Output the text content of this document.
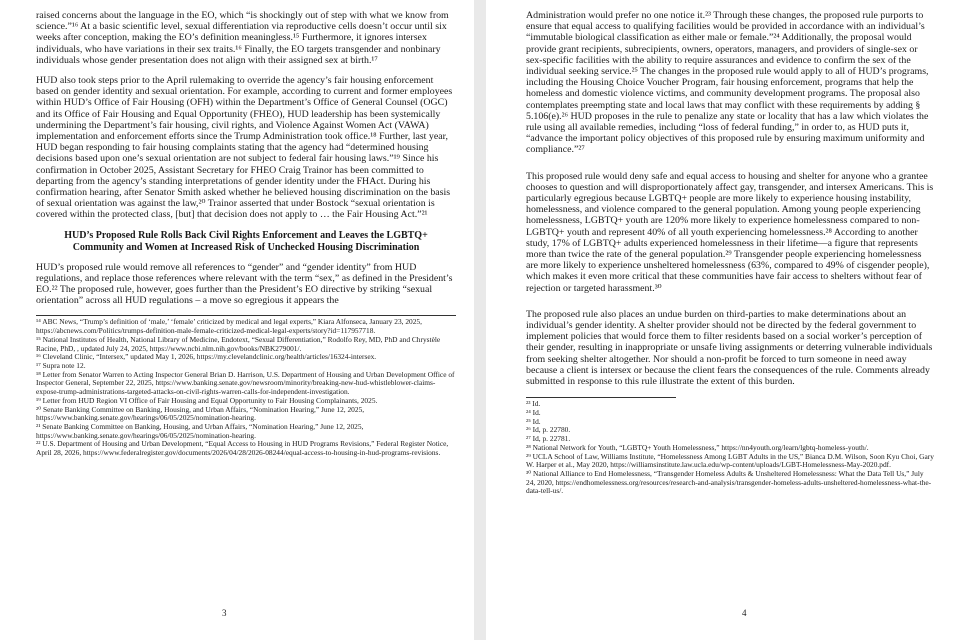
raised concerns about the language in the EO, which “is shockingly out of step with what we know from science.”¹⁶ At a basic scientific level, sexual differentiation via reproductive cells doesn’t occur until six weeks after conception, making the EO’s definition meaningless.¹⁵ Furthermore, it ignores intersex individuals, who have variations in their sex traits.¹⁶ Finally, the EO targets transgender and nonbinary individuals whose gender presentation does not align with their assigned sex at birth.¹⁷

HUD also took steps prior to the April rulemaking to override the agency’s fair housing enforcement based on gender identity and sexual orientation. For example, according to current and former employees within HUD’s Office of Fair Housing (OFH) within the Department’s Office of General Counsel (OGC) and its Office of Fair Housing and Equal Opportunity (FHEO), HUD leadership has been systemically undermining the Department’s fair housing, civil rights, and Violence Against Women Act (VAWA) implementation and enforcement efforts since the Trump Administration took office.¹⁸ Further, last year, HUD began responding to fair housing complaints stating that the agency had “determined housing decisions based upon one’s sexual orientation are not subject to federal fair housing laws.”¹⁹ Since his confirmation in October 2025, Assistant Secretary for FHEO Craig Trainor has been committed to departing from the agency’s standing interpretations of gender identity under the FHAct. During his confirmation hearing, after Senator Smith asked whether he believed housing discrimination on the basis of sexual orientation was against the law,²⁰ Trainor asserted that under Bostock “sexual orientation is covered within the protected class, [but] that decision does not apply to … the Fair Housing Act.”²¹

HUD’s Proposed Rule Rolls Back Civil Rights Enforcement and Leaves the LGBTQ+ Community and Women at Increased Risk of Unchecked Housing Discrimination

HUD’s proposed rule would remove all references to “gender” and “gender identity” from HUD regulations, and replace those references where relevant with the term “sex,” as defined in the President’s EO.²² The proposed rule, however, goes further than the President’s EO directive by striking “sexual orientation” across all HUD regulations – a move so egregious it appears the

¹⁴ ABC News, “Trump’s definition of ‘male,’ ‘female’ criticized by medical and legal experts,” Kiara Alfonseca, January 23, 2025, https://abcnews.com/Politics/trumps-definition-male-female-criticized-medical-legal-experts/story?id=117957718.

¹⁵ National Institutes of Health, National Library of Medicine, Endotext, “Sexual Differentiation,” Rodolfo Rey, MD, PhD and Chrystèle Racine, PhD, , updated July 24, 2025, https://www.ncbi.nlm.nih.gov/books/NBK279001/.

¹⁶ Cleveland Clinic, “Intersex,” updated May 1, 2026, https://my.clevelandclinic.org/health/articles/16324-intersex.

¹⁷ Supra note 12.

¹⁸ Letter from Senator Warren to Acting Inspector General Brian D. Harrison, U.S. Department of Housing and Urban Development Office of Inspector General, September 22, 2025, https://www.banking.senate.gov/newsroom/minority/breaking-new-hud-whistleblower-claims-expose-trump-administrations-targeted-attacks-on-civil-rights-warren-calls-for-independent-investigation.

¹⁹ Letter from HUD Region VI Office of Fair Housing and Equal Opportunity to Fair Housing Complainants, 2025.

²⁰ Senate Banking Committee on Banking, Housing, and Urban Affairs, “Nomination Hearing,” June 12, 2025, https://www.banking.senate.gov/hearings/06/05/2025/nomination-hearing.

²¹ Senate Banking Committee on Banking, Housing, and Urban Affairs, “Nomination Hearing,” June 12, 2025, https://www.banking.senate.gov/hearings/06/05/2025/nomination-hearing.

²² U.S. Department of Housing and Urban Development, “Equal Access to Housing in HUD Programs Revisions,” Federal Register Notice, April 28, 2026, https://www.federalregister.gov/documents/2026/04/28/2026-08244/equal-access-to-housing-in-hud-programs-revisions.

3

Administration would prefer no one notice it.²³ Through these changes, the proposed rule purports to ensure that equal access to qualifying facilities would be provided in accordance with an individual’s “immutable biological classification as either male or female.”²⁴ Additionally, the proposal would provide grant recipients, subrecipients, owners, operators, managers, and providers of single-sex or sex-specific facilities with the ability to require assurances and evidence to confirm the sex of the individual seeking service.²⁵ The changes in the proposed rule would apply to all of HUD’s programs, including the Housing Choice Voucher Program, fair housing enforcement, programs that help the homeless and domestic violence victims, and community development programs. The proposal also contemplates preempting state and local laws that may conflict with these requirements by adding § 5.106(e).²⁶ HUD proposes in the rule to penalize any state or locality that has a law which violates the rule using all available remedies, including “loss of federal funding,” in order to, as HUD puts it, “advance the important policy objectives of this proposed rule by ensuring maximum uniformity and compliance.”²⁷

This proposed rule would deny safe and equal access to housing and shelter for anyone who a grantee chooses to question and will disproportionately affect gay, transgender, and intersex Americans. This is particularly egregious because LGBTQ+ people are more likely to experience housing instability, homelessness, and violence compared to the general population. Among young people experiencing homelessness, LGBTQ+ youth are 120% more likely to experience homelessness compared to non-LGBTQ+ youth and represent 40% of all youth experiencing homelessness.²⁸ According to another study, 17% of LGBTQ+ adults experienced homelessness in their lifetime—a figure that represents more than twice the rate of the general population.²⁹ Transgender people experiencing homelessness are more likely to experience unsheltered homelessness (63%, compared to 49% of cisgender people), which makes it even more critical that these communities have fair access to shelters without fear of rejection or targeted harassment.³⁰

The proposed rule also places an undue burden on third-parties to make determinations about an individual’s gender identity. A shelter provider should not be directed by the federal government to implement policies that would force them to filter residents based on a social worker’s perception of their gender, resulting in inappropriate or unsafe living assignments or deterring vulnerable individuals from seeking shelter altogether. Nor should a non-profit be forced to turn someone in need away because a client is intersex or because the client fears the consequences of the rule. Comments already submitted in response to this rule illustrate the extent of this burden.

²³ Id.

²⁴ Id.

²⁵ Id.

²⁶ Id, p. 22780.

²⁷ Id, p. 22781.

²⁸ National Network for Youth, “LGBTQ+ Youth Homelessness,” https://nn4youth.org/learn/lgbtq-homeless-youth/.

²⁹ UCLA School of Law, Williams Institute, “Homelessness Among LGBT Adults in the US,” Bianca D.M. Wilson, Soon Kyu Choi, Gary W. Harper et al., May 2020, https://williamsinstitute.law.ucla.edu/wp-content/uploads/LGBT-Homelessness-May-2020.pdf.

³⁰ National Alliance to End Homelessness, “Transgender Homeless Adults & Unsheltered Homelessness: What the Data Tell Us,” July 24, 2020, https://endhomelessness.org/resources/research-and-analysis/transgender-homeless-adults-unsheltered-homelessness-what-the-data-tell-us/.

4
